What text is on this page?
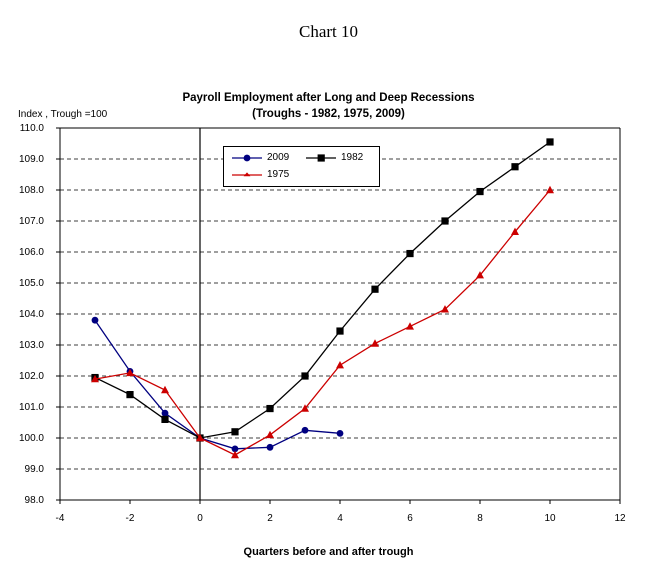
Chart 10
Payroll Employment after Long and Deep Recessions
(Troughs - 1982, 1975, 2009)
Index , Trough =100
Quarters before and after trough
98.0
99.0
100.0
101.0
102.0
103.0
104.0
105.0
106.0
107.0
108.0
109.0
110.0
-4	-2	0	2	4	6	8	10	12
2009
1975
1982
